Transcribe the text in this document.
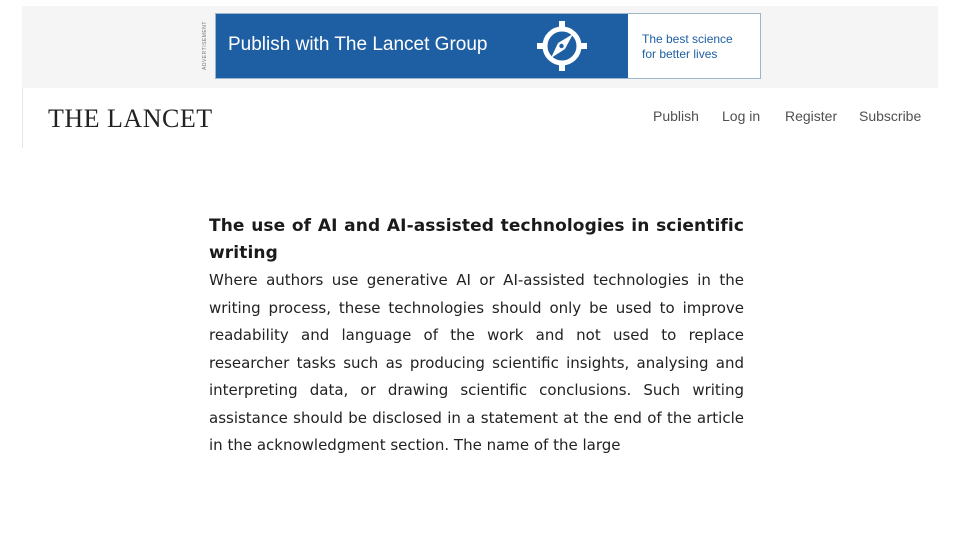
ADVERTISEMENT	Publish with The Lancet Group	The best science
for better lives
THE LANCET	Publish Log in Register Subscribe
The use of AI and AI-assisted technologies in scientific writing

Where authors use generative AI or AI-assisted technologies in the writing process, these technologies should only be used to improve readability and language of the work and not used to replace researcher tasks such as producing scientific insights, analysing and interpreting data, or drawing scientific conclusions. Such writing assistance should be disclosed in a statement at the end of the article in the acknowledgment section. The name of the large
